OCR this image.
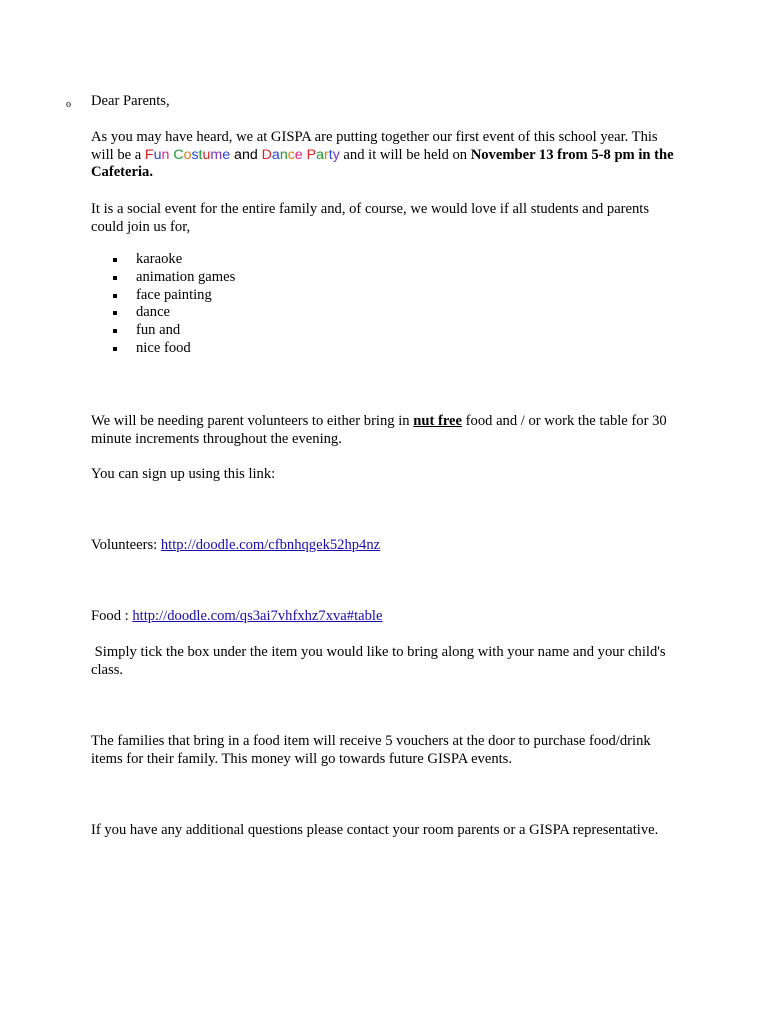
o Dear Parents,

As you may have heard, we at GISPA are putting together our first event of this school year. This will be a Fun Costume and Dance Party and it will be held on November 13 from 5-8 pm in the Cafeteria.

It is a social event for the entire family and, of course, we would love if all students and parents could join us for,

karaoke
animation games
face painting
dance
fun and
nice food

We will be needing parent volunteers to either bring in nut free food and / or work the table for 30 minute increments throughout the evening.

You can sign up using this link:

Volunteers: http://doodle.com/cfbnhqgek52hp4nz

Food : http://doodle.com/qs3ai7vhfxhz7xva#table

Simply tick the box under the item you would like to bring along with your name and your child's class.

The families that bring in a food item will receive 5 vouchers at the door to purchase food/drink items for their family. This money will go towards future GISPA events.

If you have any additional questions please contact your room parents or a GISPA representative.
